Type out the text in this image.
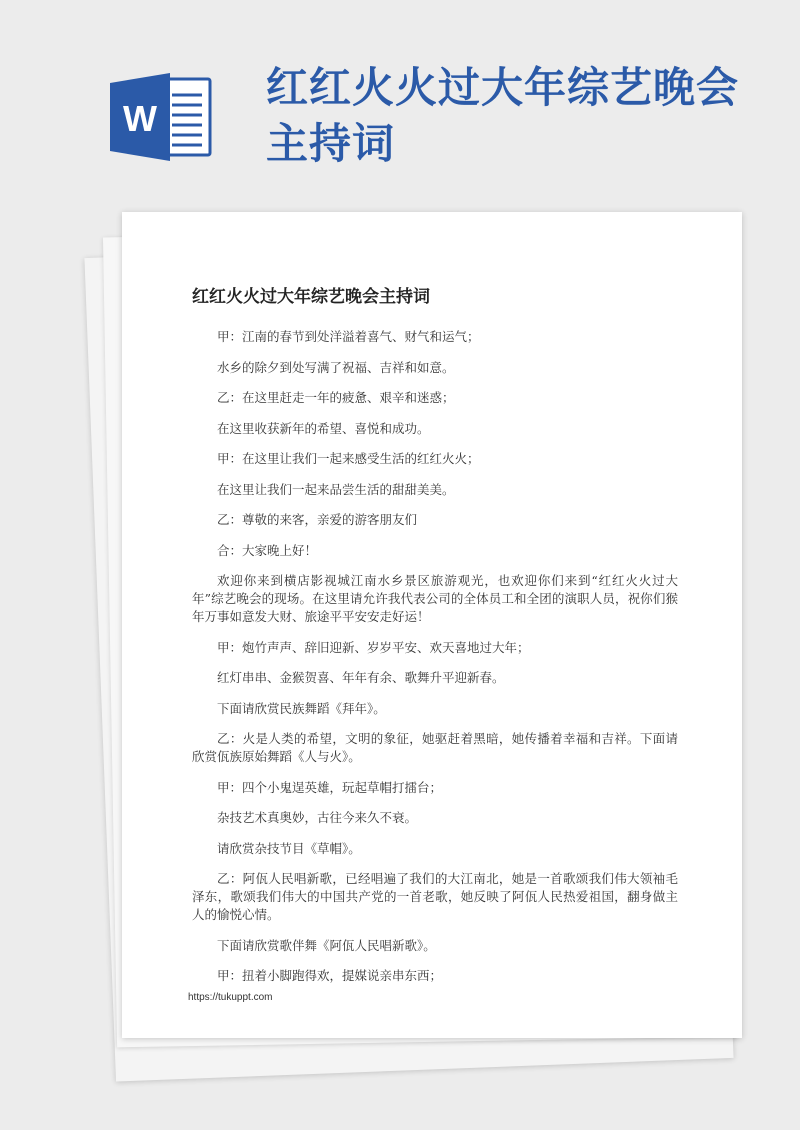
W
红红火火过大年综艺晚会主持词
红红火火过大年综艺晚会主持词

甲：江南的春节到处洋溢着喜气、财气和运气；

水乡的除夕到处写满了祝福、吉祥和如意。

乙：在这里赶走一年的疲惫、艰辛和迷惑；

在这里收获新年的希望、喜悦和成功。

甲：在这里让我们一起来感受生活的红红火火；

在这里让我们一起来品尝生活的甜甜美美。

乙：尊敬的来客，亲爱的游客朋友们

合：大家晚上好！

欢迎你来到横店影视城江南水乡景区旅游观光，也欢迎你们来到“红红火火过大年”综艺晚会的现场。在这里请允许我代表公司的全体员工和全团的演职人员，祝你们猴年万事如意发大财、旅途平平安安走好运！

甲：炮竹声声、辞旧迎新、岁岁平安、欢天喜地过大年；

红灯串串、金猴贺喜、年年有余、歌舞升平迎新春。

下面请欣赏民族舞蹈《拜年》。

乙：火是人类的希望，文明的象征，她驱赶着黑暗，她传播着幸福和吉祥。下面请欣赏佤族原始舞蹈《人与火》。

甲：四个小鬼逞英雄，玩起草帽打擂台；

杂技艺术真奥妙，古往今来久不衰。

请欣赏杂技节目《草帽》。

乙：阿佤人民唱新歌，已经唱遍了我们的大江南北，她是一首歌颂我们伟大领袖毛泽东，歌颂我们伟大的中国共产党的一首老歌，她反映了阿佤人民热爱祖国，翻身做主人的愉悦心情。

下面请欣赏歌伴舞《阿佤人民唱新歌》。

甲：扭着小脚跑得欢，提媒说亲串东西；

https://tukuppt.com
